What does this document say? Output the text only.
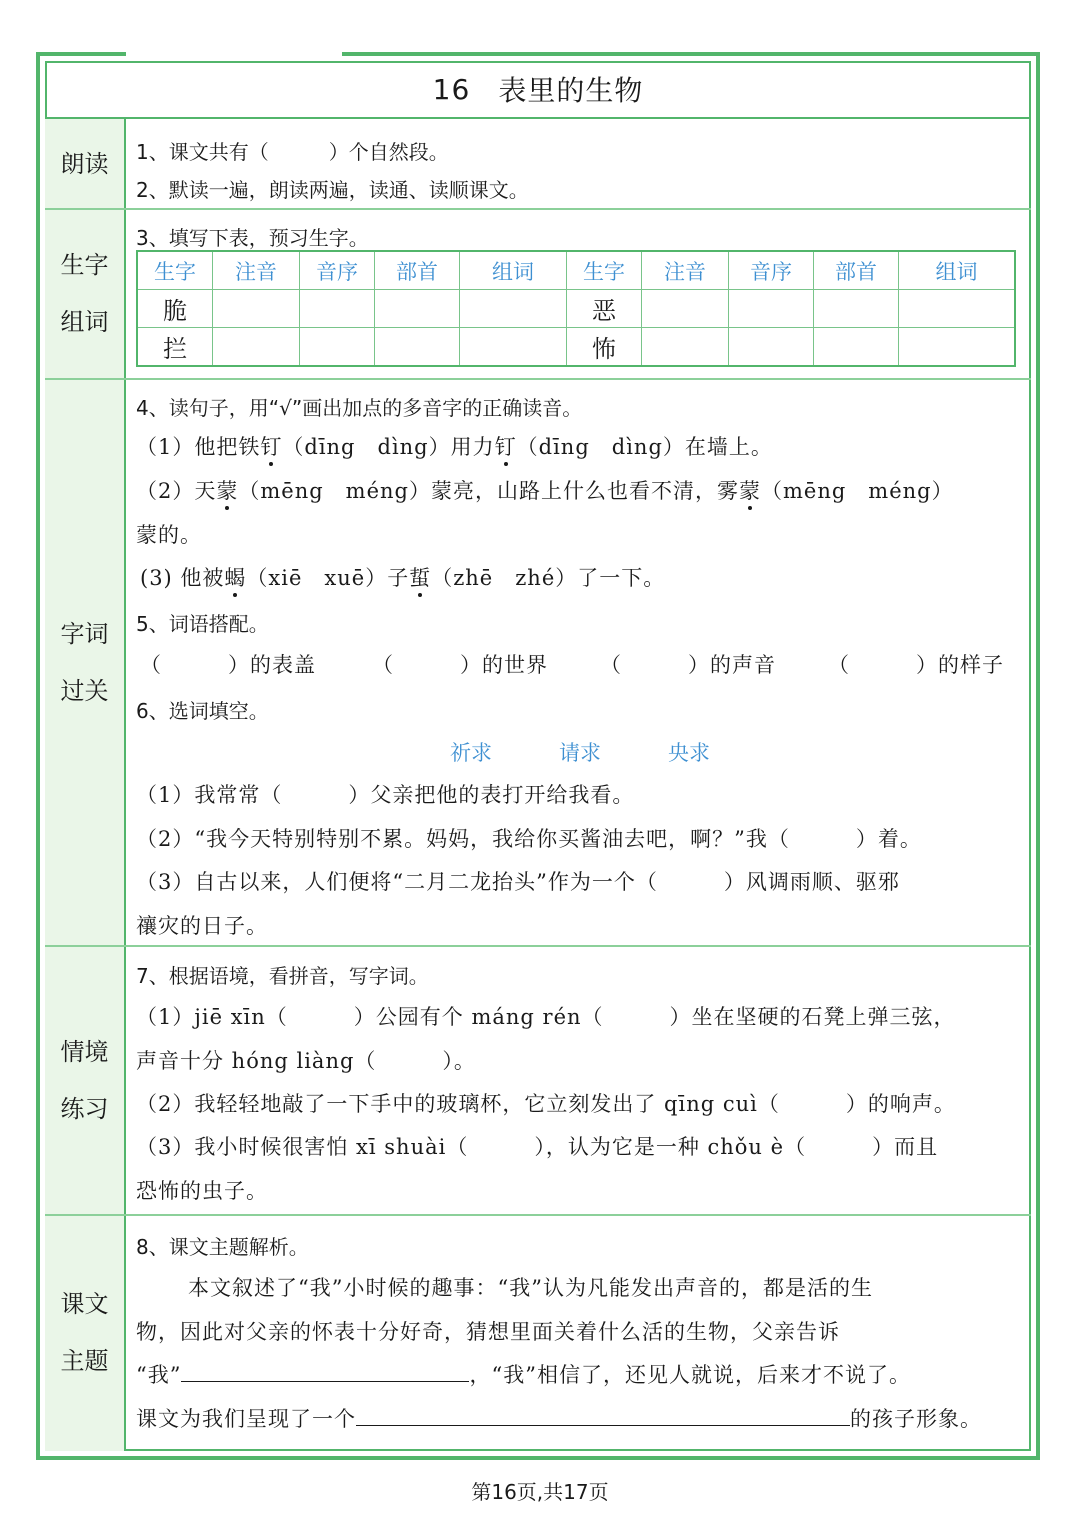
16 表里的生物
朗读
生字
组词
字词
过关
情境
练习
课文
主题
1、课文共有（　　　）个自然段。
2、默读一遍，朗读两遍，读通、读顺课文。
3、填写下表，预习生字。
生字	注音	音序	部首	组词	生字	注音	音序	部首	组词
脆					恶				
拦					怖				
4、读句子，用“√”画出加点的多音字的正确读音。
（1）他把铁钉（dīng　dìng）用力钉（dīng　dìng）在墙上。
（2）天蒙（mēng　méng）蒙亮，山路上什么也看不清，雾蒙（mēng　méng）
蒙的。
(3) 他被蝎（xiē　xuē）子蜇（zhē　zhé）了一下。
5、词语搭配。
（　　　）的表盖	（　　　）的世界 （　　　）的声音 （　　　）的样子
6、选词填空。
祈求	请求	央求
（1）我常常（　　　）父亲把他的表打开给我看。
（2）“我今天特别特别不累。妈妈，我给你买酱油去吧，啊？”我（　　　）着。
（3）自古以来，人们便将“二月二龙抬头”作为一个（　　　）风调雨顺、驱邪
禳灾的日子。
7、根据语境，看拼音，写字词。
（1）jiē xīn（　　　）公园有个 máng rén（　　　）坐在坚硬的石凳上弹三弦，
声音十分 hóng liàng（　　　）。
（2）我轻轻地敲了一下手中的玻璃杯，它立刻发出了 qīng cuì（　　　）的响声。
（3）我小时候很害怕 xī shuài（　　　），认为它是一种 chǒu è（　　　）而且
恐怖的虫子。
8、课文主题解析。
本文叙述了“我”小时候的趣事：“我”认为凡能发出声音的，都是活的生
物，因此对父亲的怀表十分好奇，猜想里面关着什么活的生物，父亲告诉
“我”	，“我”相信了，还见人就说，后来才不说了。
课文为我们呈现了一个	的孩子形象。
第16页,共17页
